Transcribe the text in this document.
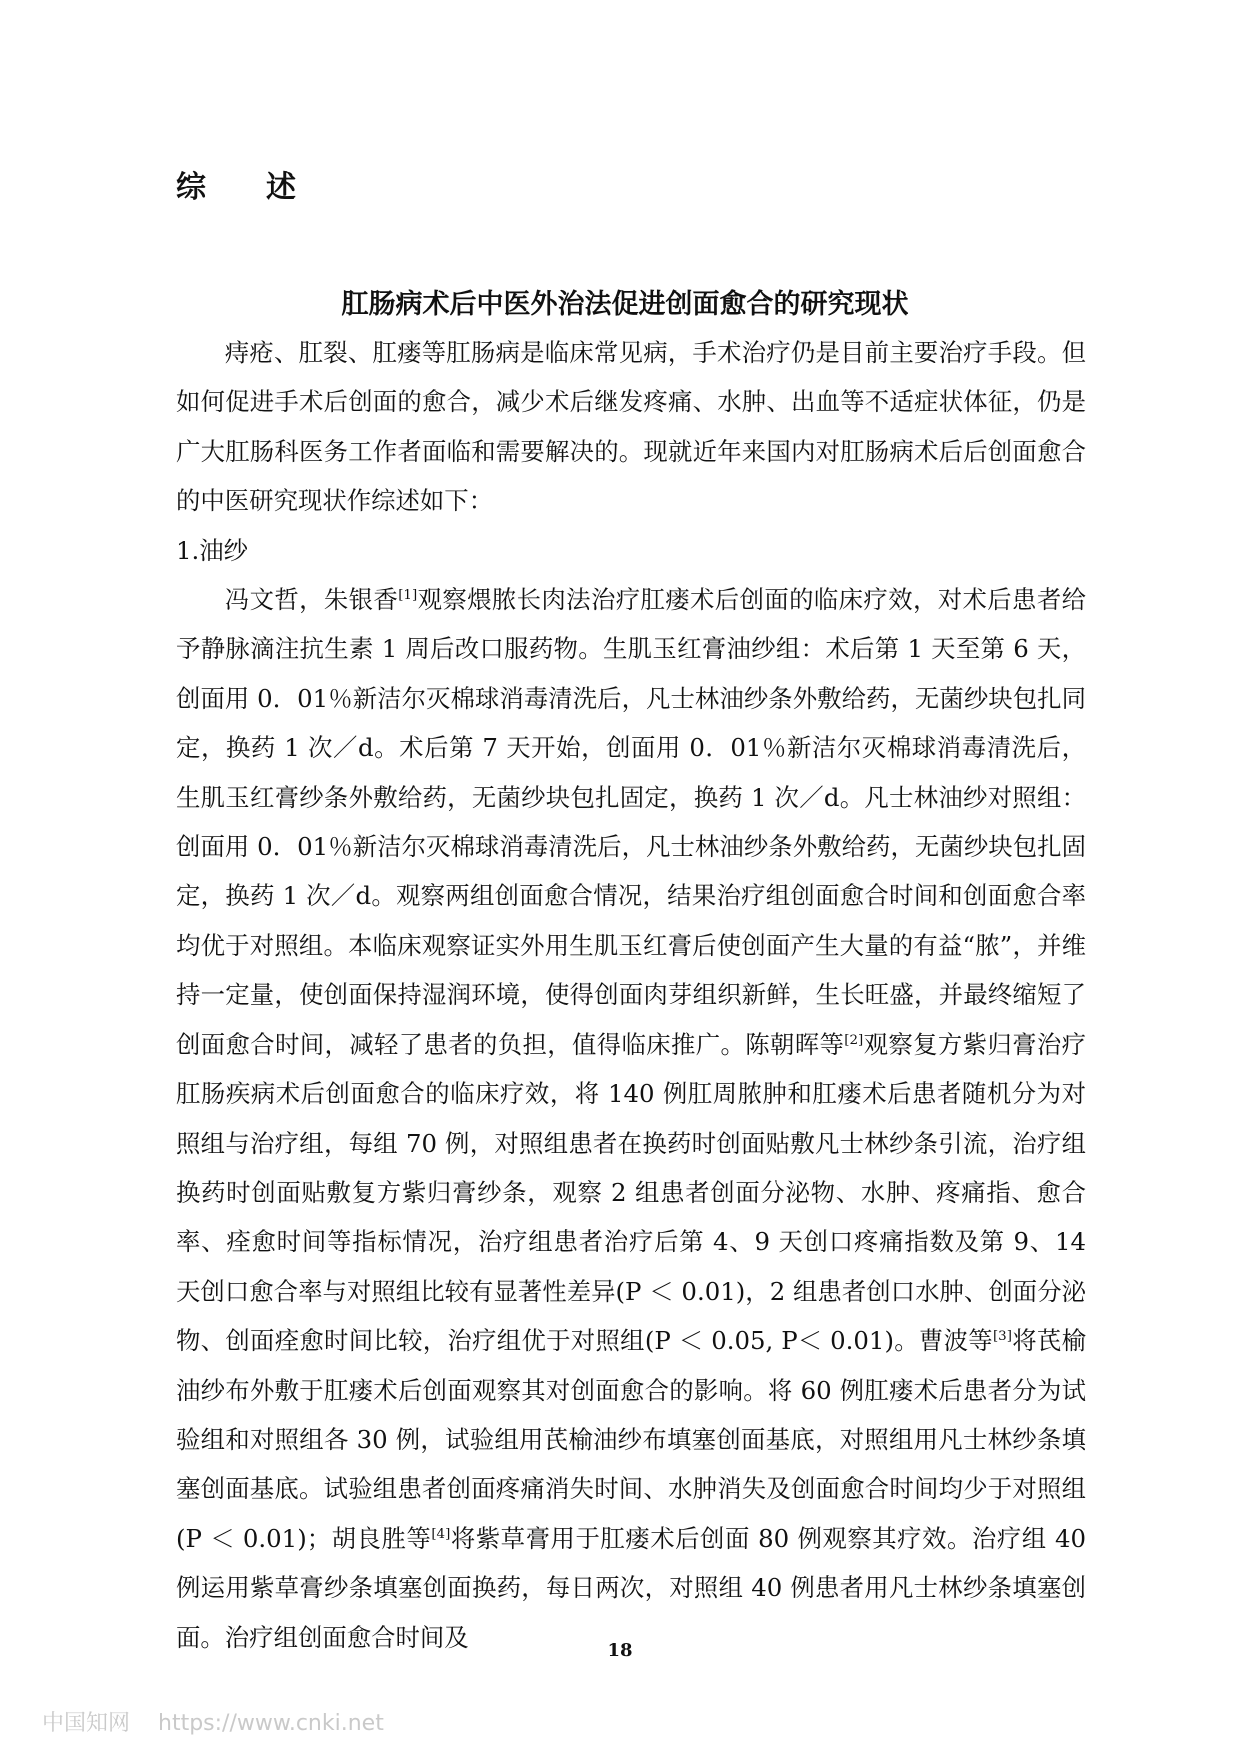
综 述
肛肠病术后中医外治法促进创面愈合的研究现状

痔疮、肛裂、肛瘘等肛肠病是临床常见病，手术治疗仍是目前主要治疗手段。但如何促进手术后创面的愈合，减少术后继发疼痛、水肿、出血等不适症状体征，仍是广大肛肠科医务工作者面临和需要解决的。现就近年来国内对肛肠病术后后创面愈合的中医研究现状作综述如下：

1.油纱

冯文哲，朱银香[1]观察煨脓长肉法治疗肛瘘术后创面的临床疗效，对术后患者给予静脉滴注抗生素 1 周后改口服药物。生肌玉红膏油纱组：术后第 1 天至第 6 天，创面用 0．01％新洁尔灭棉球消毒清洗后，凡士林油纱条外敷给药，无菌纱块包扎同定，换药 1 次／d。术后第 7 天开始，创面用 0．01％新洁尔灭棉球消毒清洗后，生肌玉红膏纱条外敷给药，无菌纱块包扎固定，换药 1 次／d。凡士林油纱对照组：创面用 0．01％新洁尔灭棉球消毒清洗后，凡士林油纱条外敷给药，无菌纱块包扎固定，换药 1 次／d。观察两组创面愈合情况，结果治疗组创面愈合时间和创面愈合率均优于对照组。本临床观察证实外用生肌玉红膏后使创面产生大量的有益“脓”，并维持一定量，使创面保持湿润环境，使得创面肉芽组织新鲜，生长旺盛，并最终缩短了创面愈合时间，减轻了患者的负担，值得临床推广。陈朝晖等[2]观察复方紫归膏治疗肛肠疾病术后创面愈合的临床疗效，将 140 例肛周脓肿和肛瘘术后患者随机分为对照组与治疗组，每组 70 例，对照组患者在换药时创面贴敷凡士林纱条引流，治疗组换药时创面贴敷复方紫归膏纱条，观察 2 组患者创面分泌物、水肿、疼痛指、愈合率、痊愈时间等指标情况，治疗组患者治疗后第 4、9 天创口疼痛指数及第 9、14 天创口愈合率与对照组比较有显著性差异(P ＜ 0.01)，2 组患者创口水肿、创面分泌物、创面痊愈时间比较，治疗组优于对照组(P ＜ 0.05, P＜ 0.01)。曹波等[3]将芪榆油纱布外敷于肛瘘术后创面观察其对创面愈合的影响。将 60 例肛瘘术后患者分为试验组和对照组各 30 例，试验组用芪榆油纱布填塞创面基底，对照组用凡士林纱条填塞创面基底。试验组患者创面疼痛消失时间、水肿消失及创面愈合时间均少于对照组(P ＜ 0.01)；胡良胜等[4]将紫草膏用于肛瘘术后创面 80 例观察其疗效。治疗组 40 例运用紫草膏纱条填塞创面换药，每日两次，对照组 40 例患者用凡士林纱条填塞创面。治疗组创面愈合时间及	18
中国知网 https://www.cnki.net
